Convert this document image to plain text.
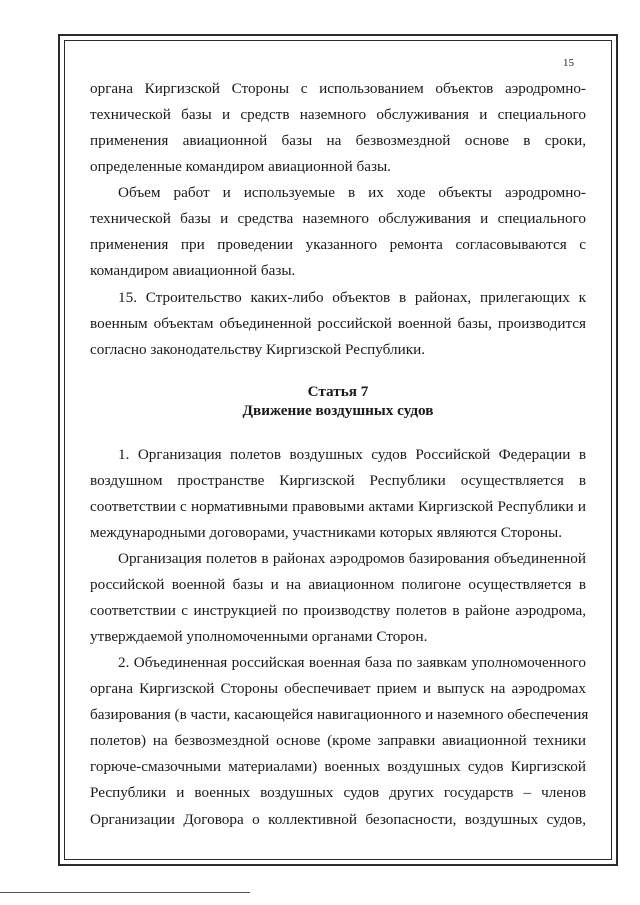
15
органа Киргизской Стороны с использованием объектов аэродромно-
технической базы и средств наземного обслуживания и специального
применения авиационной базы на безвозмездной основе в сроки,
определенные командиром авиационной базы.
Объем работ и используемые в их ходе объекты аэродромно-
технической базы и средства наземного обслуживания и специального
применения при проведении указанного ремонта согласовываются с
командиром авиационной базы.
15. Строительство каких-либо объектов в районах, прилегающих к
военным объектам объединенной российской военной базы, производится
согласно законодательству Киргизской Республики.
Статья 7
Движение воздушных судов
1. Организация полетов воздушных судов Российской Федерации в
воздушном пространстве Киргизской Республики осуществляется в
соответствии с нормативными правовыми актами Киргизской Республики и
международными договорами, участниками которых являются Стороны.
Организация полетов в районах аэродромов базирования объединенной
российской военной базы и на авиационном полигоне осуществляется в
соответствии с инструкцией по производству полетов в районе аэродрома,
утверждаемой уполномоченными органами Сторон.
2. Объединенная российская военная база по заявкам уполномоченного
органа Киргизской Стороны обеспечивает прием и выпуск на аэродромах
базирования (в части, касающейся навигационного и наземного обеспечения
полетов) на безвозмездной основе (кроме заправки авиационной техники
горюче-смазочными материалами) военных воздушных судов Киргизской
Республики и военных воздушных судов других государств – членов
Организации Договора о коллективной безопасности, воздушных судов,
